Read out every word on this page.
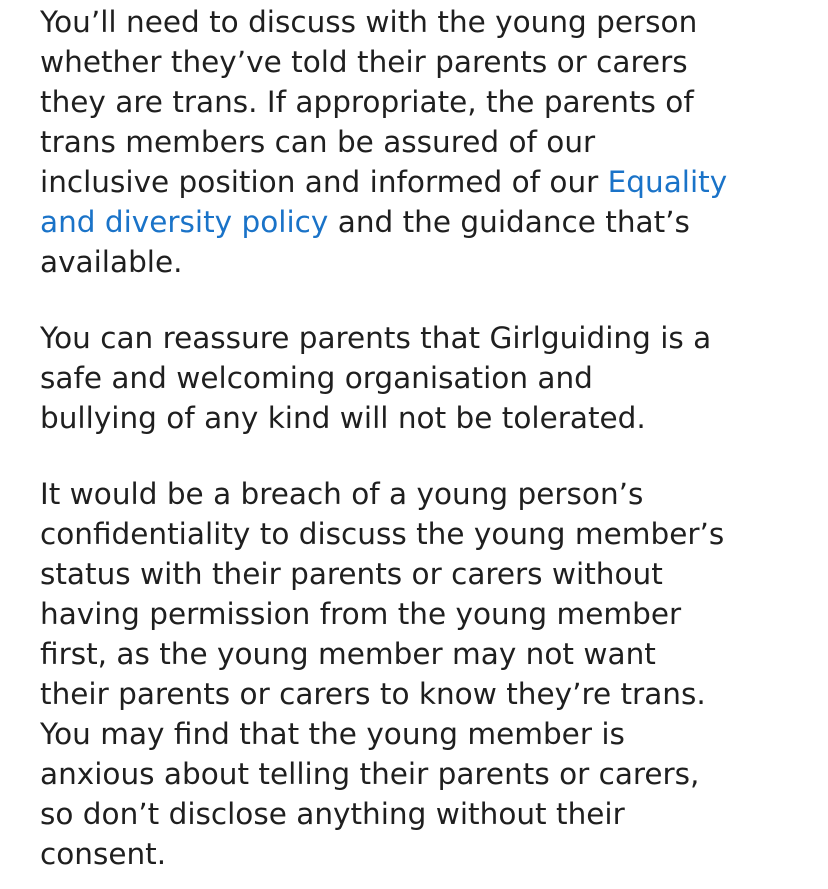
You’ll need to discuss with the young person
whether they’ve told their parents or carers
they are trans. If appropriate, the parents of
trans members can be assured of our
inclusive position and informed of our Equality
and diversity policy and the guidance that’s
available.
You can reassure parents that Girlguiding is a
safe and welcoming organisation and
bullying of any kind will not be tolerated.
It would be a breach of a young person’s
confidentiality to discuss the young member’s
status with their parents or carers without
having permission from the young member
first, as the young member may not want
their parents or carers to know they’re trans.
You may find that the young member is
anxious about telling their parents or carers,
so don’t disclose anything without their
consent.
